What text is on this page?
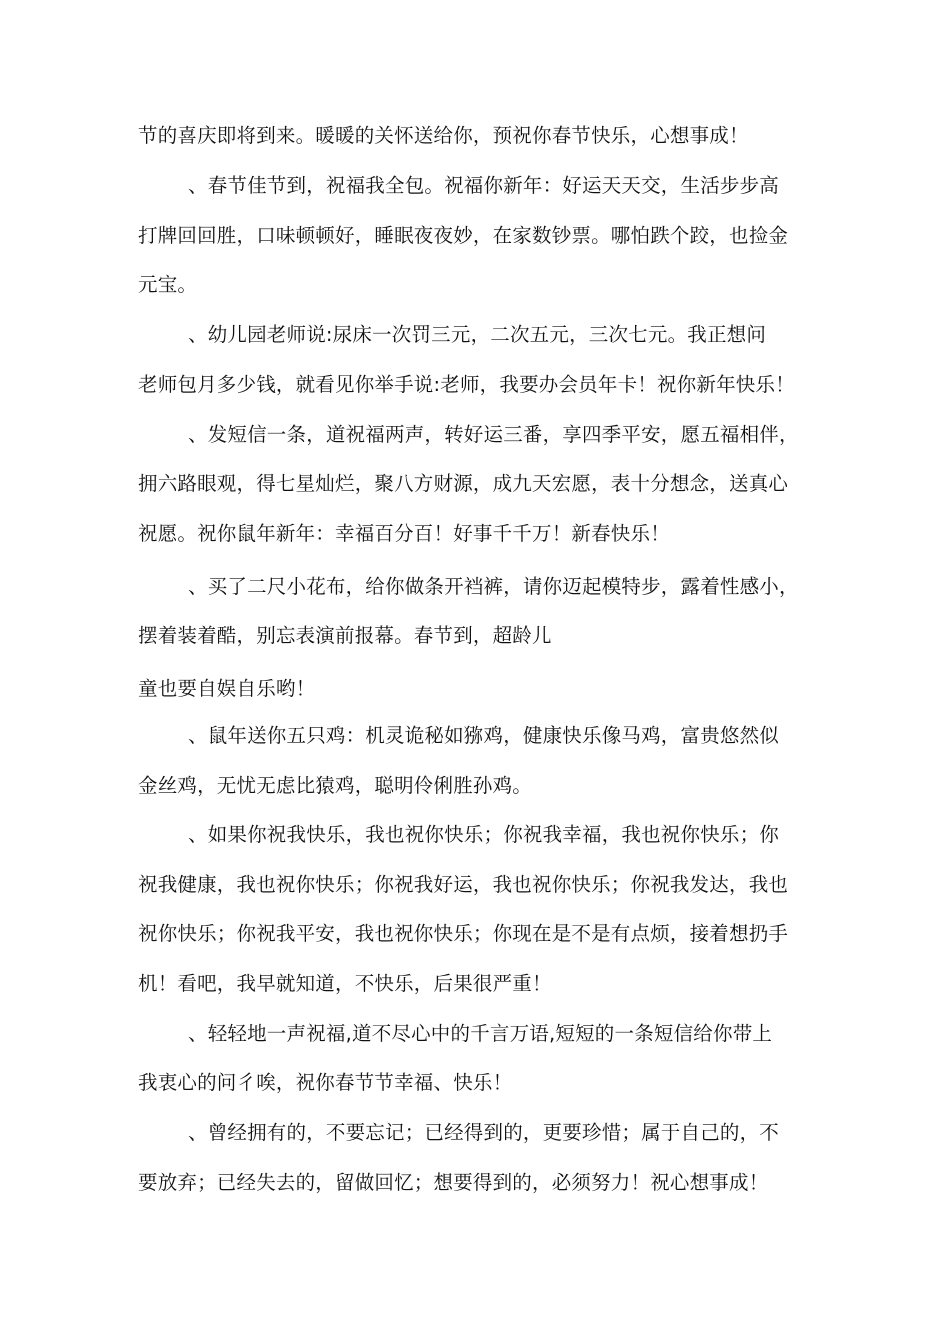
节的喜庆即将到来。暖暖的关怀送给你，预祝你春节快乐，心想事成！
、春节佳节到，祝福我全包。祝福你新年：好运天天交，生活步步高
打牌回回胜，口味顿顿好，睡眠夜夜妙，在家数钞票。哪怕跌个跤，也捡金
元宝。
、幼儿园老师说:尿床一次罚三元，二次五元，三次七元。我正想问
老师包月多少钱，就看见你举手说:老师，我要办会员年卡！祝你新年快乐！
、发短信一条，道祝福两声，转好运三番，享四季平安，愿五福相伴，
拥六路眼观，得七星灿烂，聚八方财源，成九天宏愿，表十分想念，送真心
祝愿。祝你鼠年新年：幸福百分百！好事千千万！新春快乐！
、买了二尺小花布，给你做条开裆裤，请你迈起模特步，露着性感小，
摆着装着酷，别忘表演前报幕。春节到，超龄儿
童也要自娱自乐哟！
、鼠年送你五只鸡：机灵诡秘如猕鸡，健康快乐像马鸡，富贵悠然似
金丝鸡，无忧无虑比猿鸡，聪明伶俐胜孙鸡。
、如果你祝我快乐，我也祝你快乐；你祝我幸福，我也祝你快乐；你
祝我健康，我也祝你快乐；你祝我好运，我也祝你快乐；你祝我发达，我也
祝你快乐；你祝我平安，我也祝你快乐；你现在是不是有点烦，接着想扔手
机！看吧，我早就知道，不快乐，后果很严重！
、轻轻地一声祝福,道不尽心中的千言万语,短短的一条短信给你带上
我衷心的问彳唉，祝你春节节幸福、快乐！
、曾经拥有的，不要忘记；已经得到的，更要珍惜；属于自己的，不
要放弃；已经失去的，留做回忆；想要得到的，必须努力！祝心想事成！
